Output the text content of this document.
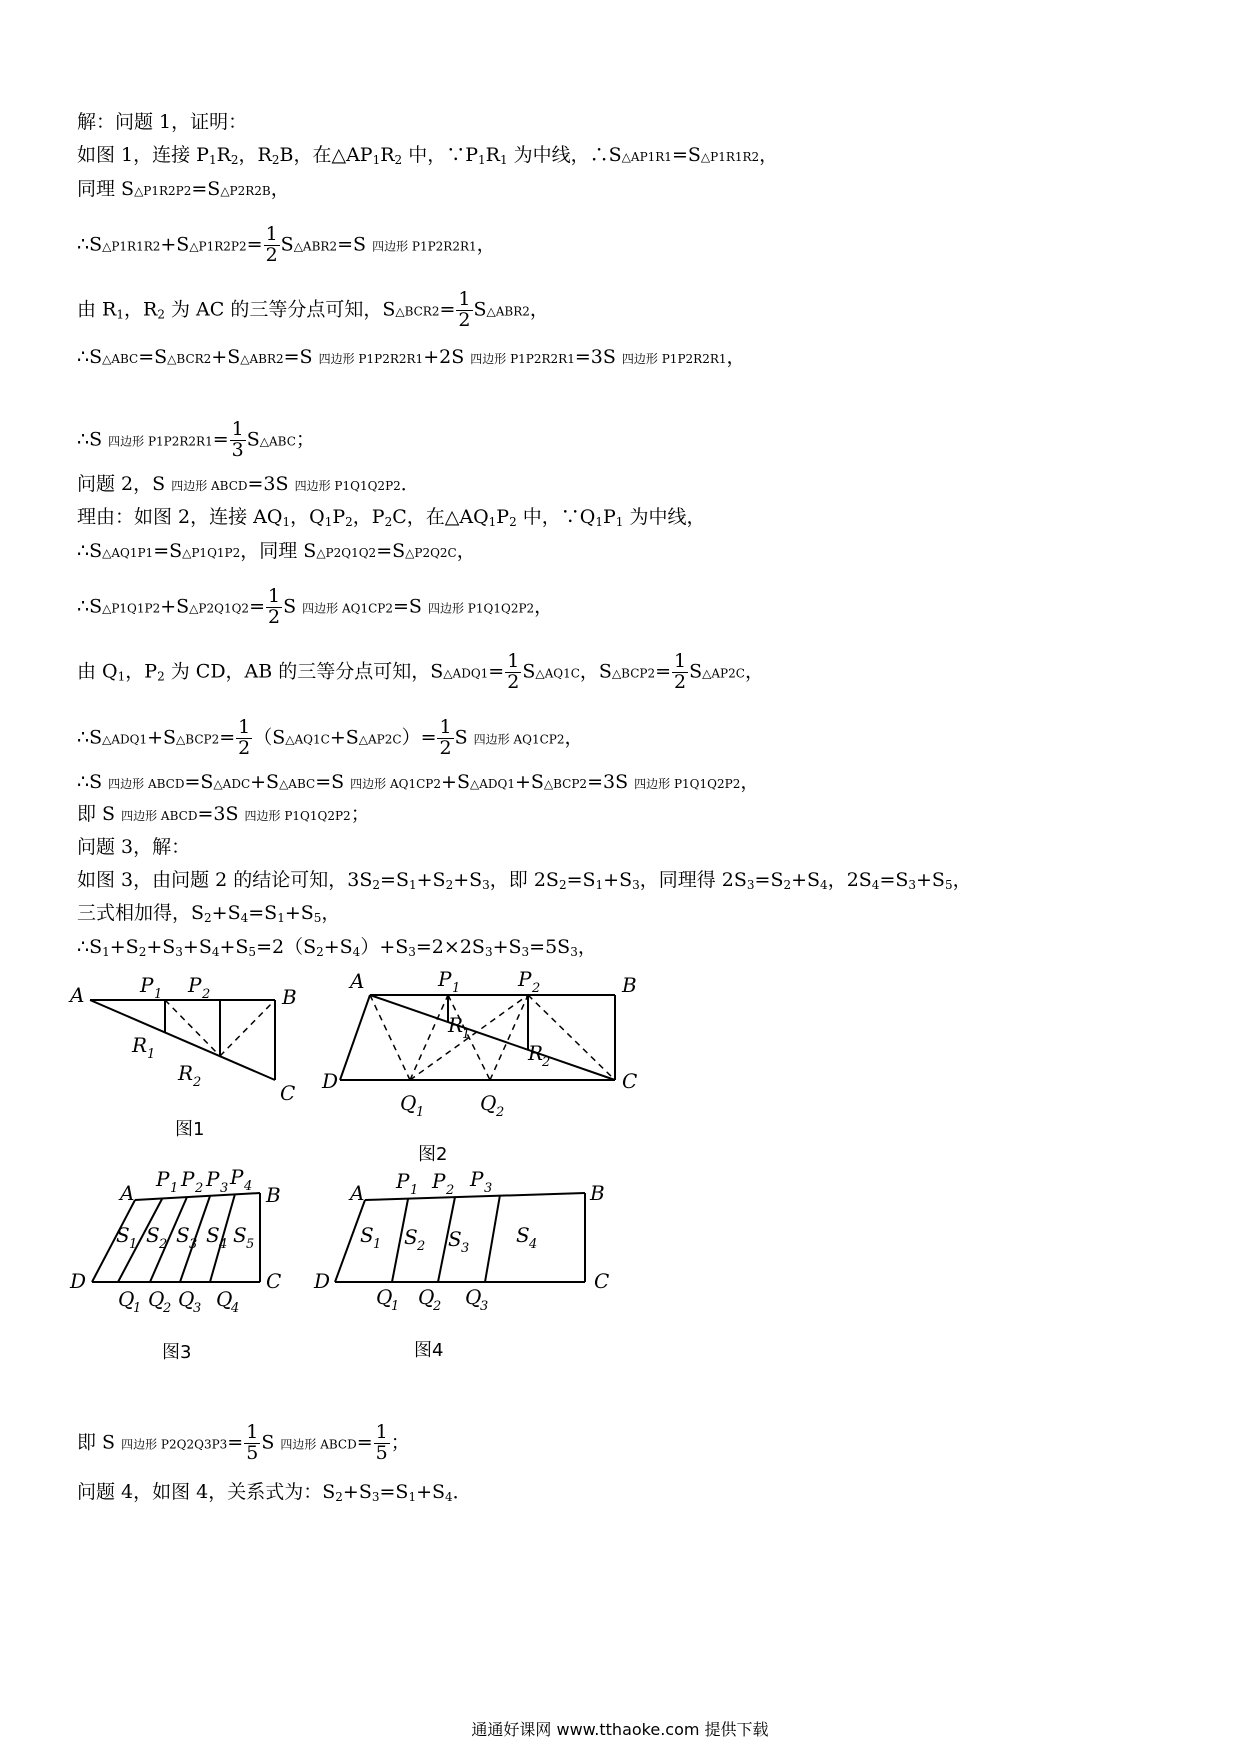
解：问题 1，证明：
如图 1，连接 $P_1R_2$，$R_2B$，在$\triangle AP_1R_2$ 中，$\because P_1R_1$ 为中线，∴S△AP1R1=S△P1R1R2，
同理 S△P1R2P2=S△P2R2B，
∴S△P1R1R2+S△P1R2P2= $\frac{1}{2}$ S△ABR2=S 四边形 P1P2R2R1，
由 $R_1$，$R_2$ 为 AC 的三等分点可知，S△BCR2= $\frac{1}{2}$ S△ABR2，
∴S△ABC=S△BCR2+S△ABR2=S 四边形 P1P2R2R1+2S 四边形 P1P2R2R1=3S 四边形 P1P2R2R1，
∴S 四边形 $P1P2R2R1= \frac{1}{3}$ S△ABC；
问题 2，S 四边形 ABCD=3S 四边形 P1Q1Q2P2．
理由：如图 2，连接 $AQ_1$，$Q_1P_2$，$P_2C$，在$\triangle AQ_1P_2$ 中，$\because Q_1P_1$ 为中线，
∴S△AQ1P1=S△P1Q1P2，同理 S△P2Q1Q2=S△P2Q2C，
∴S△P1Q1P2+S△P2Q1Q2= $\frac{1}{2}$ S 四边形 AQ1CP2=S 四边形 P1Q1Q2P2，
由 $Q_1$，$P_2$ 为 CD，AB 的三等分点可知，S△ADQ1= $\frac{1}{2}$ S△AQ1C，S△BCP2= $\frac{1}{2}$ S△AP2C，
∴S△ADQ1+S△BCP2= $\frac{1}{2}$ （S△AQ1C+S△AP2C）= $\frac{1}{2}$ S 四边形 AQ1CP2，
∴S 四边形 ABCD=S△ADC+S△ABC=S 四边形 AQ1CP2+S△ADQ1+S△BCP2=3S 四边形 P1Q1Q2P2，
即 S 四边形 ABCD=3S 四边形 P1Q1Q2P2；
问题 3，解：
如图 3，由问题 2 的结论可知，$3S_2=S_1+S_2+S_3$，即 $2S_2=S_1+S_3$，同理得 $2S_3=S_2+S_4$，$2S_4=S_3+S_5$，
三式相加得，$S_2+S_4=S_1+S_5$，
$\therefore S_1+S_2+S_3+S_4+S_5=2(S_2+S_4)+S_3=2\times 2S_3+S_3=5S_3$，
A	B
C
P 1 P 2
R 1
R 2
图1
A	B
C
D
P 1	P 2
R
1
R
2
Q 1	Q 2
图2
A	B
C
D
P 1 P 2 P 3 P 4
S 1 S 2 S 3 S 4 S 5
Q
1 Q
2 Q
3 Q
4
图3
A	B
C
D
P 1 P 2 P 3
S 1 S 2 S 3
S 4
Q
1 Q
2 Q
3
图4
即 S 四边形 $P2Q2Q3P3= \frac{1}{5}$ S 四边形 ABCD= $\frac{1}{5}$ ；
问题 4，如图 4，关系式为：$S_2+S_3=S_1+S_4$．
通通好课网 www.tthaoke.com 提供下载
